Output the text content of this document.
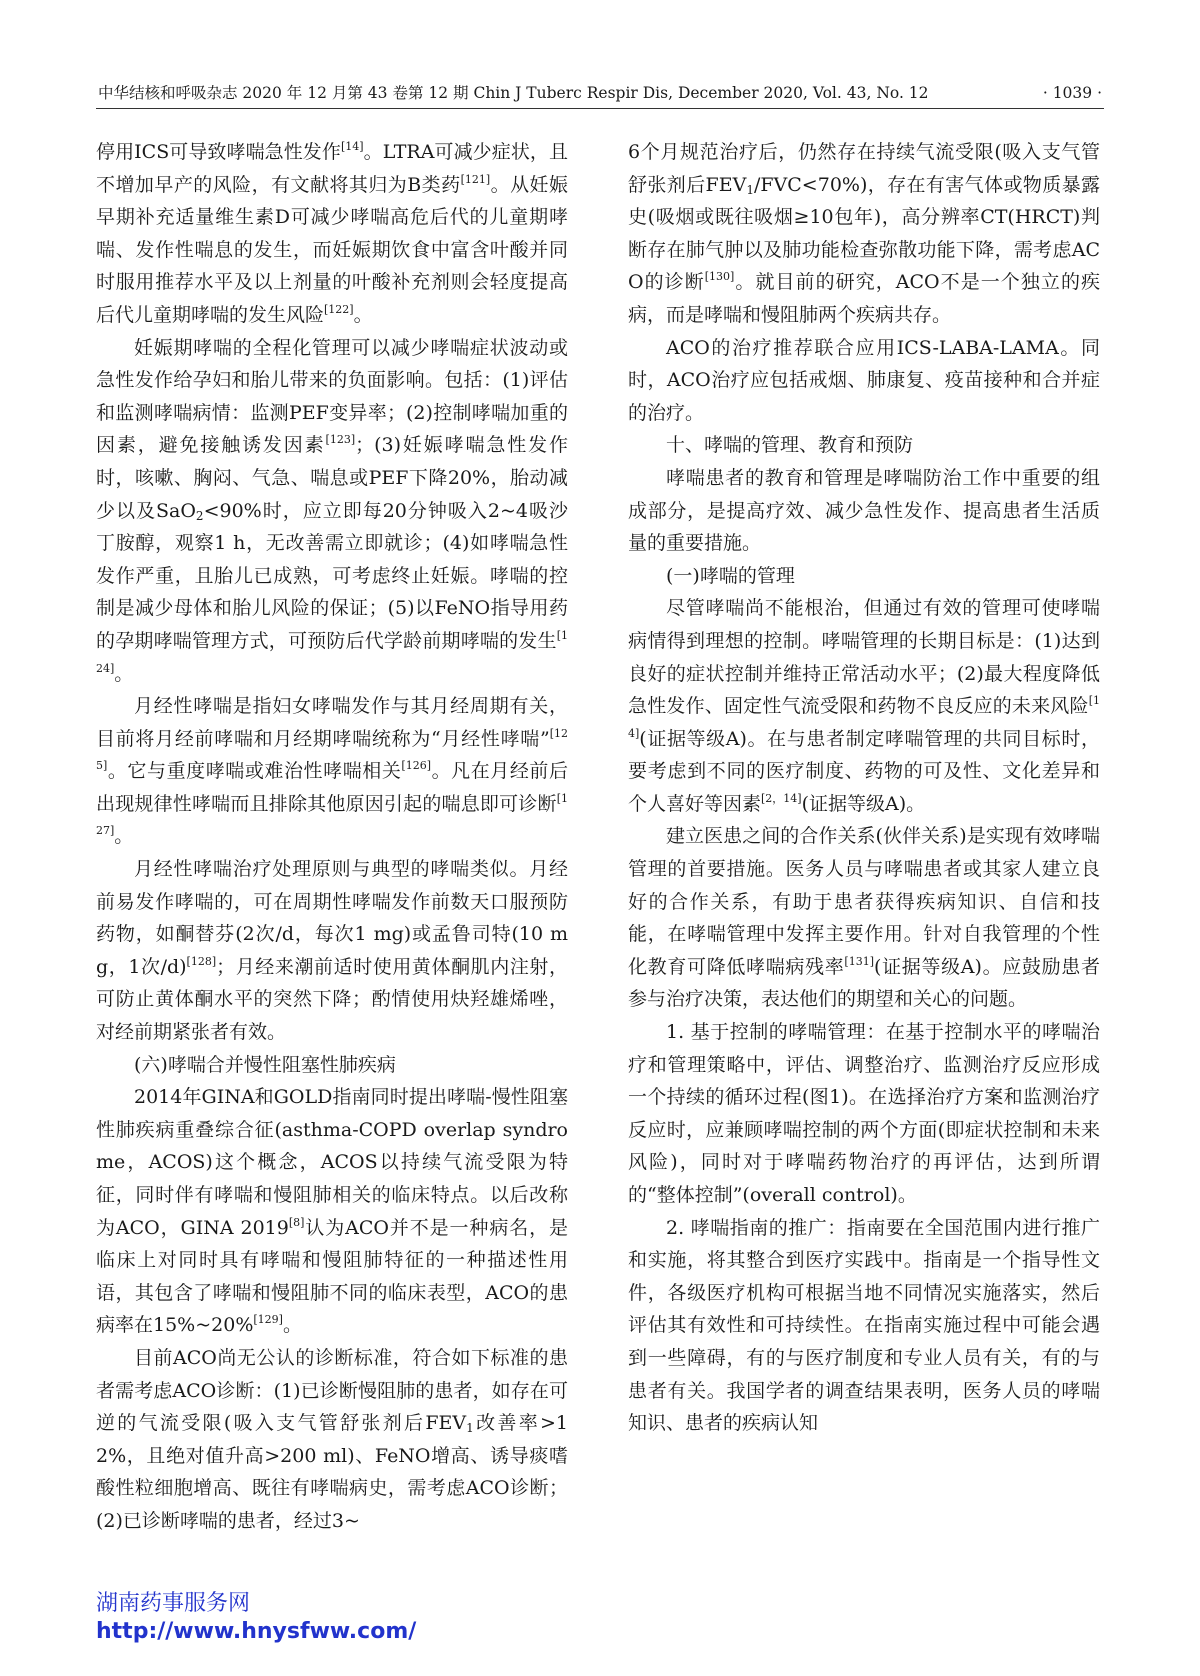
中华结核和呼吸杂志 2020 年 12 月第 43 卷第 12 期 Chin J Tuberc Respir Dis, December 2020, Vol. 43, No. 12	· 1039 ·

停用ICS可导致哮喘急性发作[14]。LTRA可减少症状，且不增加早产的风险，有文献将其归为B类药[121]。从妊娠早期补充适量维生素D可减少哮喘高危后代的儿童期哮喘、发作性喘息的发生，而妊娠期饮食中富含叶酸并同时服用推荐水平及以上剂量的叶酸补充剂则会轻度提高后代儿童期哮喘的发生风险[122]。

妊娠期哮喘的全程化管理可以减少哮喘症状波动或急性发作给孕妇和胎儿带来的负面影响。包括：(1)评估和监测哮喘病情：监测PEF变异率；(2)控制哮喘加重的因素，避免接触诱发因素[123]；(3)妊娠哮喘急性发作时，咳嗽、胸闷、气急、喘息或PEF下降20%，胎动减少以及SaO$_2$<90%时，应立即每20分钟吸入2~4吸沙丁胺醇，观察1 h，无改善需立即就诊；(4)如哮喘急性发作严重，且胎儿已成熟，可考虑终止妊娠。哮喘的控制是减少母体和胎儿风险的保证；(5)以FeNO指导用药的孕期哮喘管理方式，可预防后代学龄前期哮喘的发生[124]。

月经性哮喘是指妇女哮喘发作与其月经周期有关，目前将月经前哮喘和月经期哮喘统称为“月经性哮喘”[125]。它与重度哮喘或难治性哮喘相关[126]。凡在月经前后出现规律性哮喘而且排除其他原因引起的喘息即可诊断[127]。

月经性哮喘治疗处理原则与典型的哮喘类似。月经前易发作哮喘的，可在周期性哮喘发作前数天口服预防药物，如酮替芬(2次/d，每次1 mg)或孟鲁司特(10 mg，1次/d)[128]；月经来潮前适时使用黄体酮肌内注射，可防止黄体酮水平的突然下降；酌情使用炔羟雄烯唑，对经前期紧张者有效。

(六)哮喘合并慢性阻塞性肺疾病

2014年GINA和GOLD指南同时提出哮喘-慢性阻塞性肺疾病重叠综合征(asthma-COPD overlap syndrome，ACOS)这个概念，ACOS以持续气流受限为特征，同时伴有哮喘和慢阻肺相关的临床特点。以后改称为ACO，GINA 2019[8]认为ACO并不是一种病名，是临床上对同时具有哮喘和慢阻肺特征的一种描述性用语，其包含了哮喘和慢阻肺不同的临床表型，ACO的患病率在15%~20%[129]。

目前ACO尚无公认的诊断标准，符合如下标准的患者需考虑ACO诊断：(1)已诊断慢阻肺的患者，如存在可逆的气流受限(吸入支气管舒张剂后$FEV_1$改善率>12%，且绝对值升高>200 ml)、FeNO增高、诱导痰嗜酸性粒细胞增高、既往有哮喘病史，需考虑ACO诊断；(2)已诊断哮喘的患者，经过3~

6个月规范治疗后，仍然存在持续气流受限(吸入支气管舒张剂后$FEV_1/FVC<70\%$)，存在有害气体或物质暴露史(吸烟或既往吸烟≥10包年)，高分辨率CT(HRCT)判断存在肺气肿以及肺功能检查弥散功能下降，需考虑ACO的诊断[130]。就目前的研究，ACO不是一个独立的疾病，而是哮喘和慢阻肺两个疾病共存。

ACO的治疗推荐联合应用ICS-LABA-LAMA。同时，ACO治疗应包括戒烟、肺康复、疫苗接种和合并症的治疗。

十、哮喘的管理、教育和预防

哮喘患者的教育和管理是哮喘防治工作中重要的组成部分，是提高疗效、减少急性发作、提高患者生活质量的重要措施。

(一)哮喘的管理

尽管哮喘尚不能根治，但通过有效的管理可使哮喘病情得到理想的控制。哮喘管理的长期目标是：(1)达到良好的症状控制并维持正常活动水平；(2)最大程度降低急性发作、固定性气流受限和药物不良反应的未来风险[14](证据等级A)。在与患者制定哮喘管理的共同目标时，要考虑到不同的医疗制度、药物的可及性、文化差异和个人喜好等因素[2，14](证据等级A)。

建立医患之间的合作关系(伙伴关系)是实现有效哮喘管理的首要措施。医务人员与哮喘患者或其家人建立良好的合作关系，有助于患者获得疾病知识、自信和技能，在哮喘管理中发挥主要作用。针对自我管理的个性化教育可降低哮喘病残率[131](证据等级A)。应鼓励患者参与治疗决策，表达他们的期望和关心的问题。

1. 基于控制的哮喘管理：在基于控制水平的哮喘治疗和管理策略中，评估、调整治疗、监测治疗反应形成一个持续的循环过程(图1)。在选择治疗方案和监测治疗反应时，应兼顾哮喘控制的两个方面(即症状控制和未来风险)，同时对于哮喘药物治疗的再评估，达到所谓的“整体控制”(overall control)。

2. 哮喘指南的推广：指南要在全国范围内进行推广和实施，将其整合到医疗实践中。指南是一个指导性文件，各级医疗机构可根据当地不同情况实施落实，然后评估其有效性和可持续性。在指南实施过程中可能会遇到一些障碍，有的与医疗制度和专业人员有关，有的与患者有关。我国学者的调查结果表明，医务人员的哮喘知识、患者的疾病认知

湖南药事服务网
http://www.hnysfww.com/
